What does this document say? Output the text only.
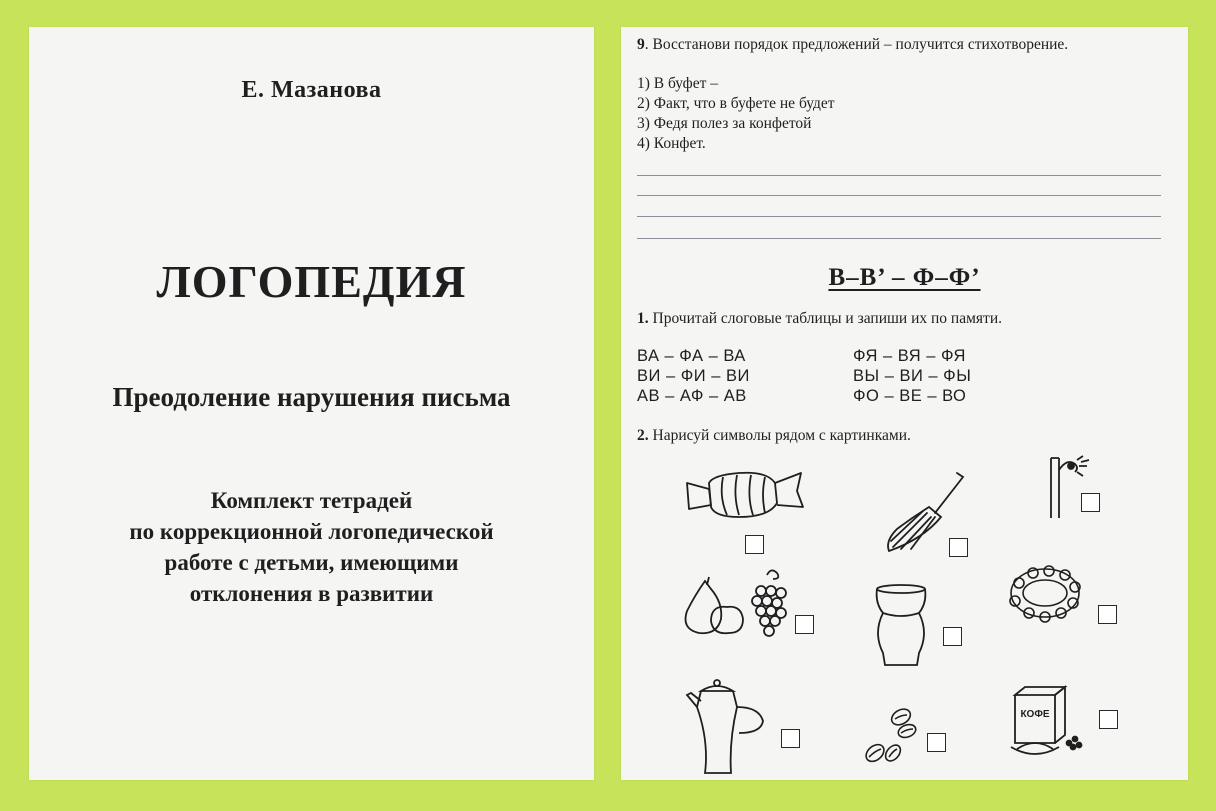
Е. Мазанова
ЛОГОПЕДИЯ
Преодоление нарушения письма
Комплект тетрадей
по коррекционной логопедической
работе с детьми, имеющими
отклонения в развитии
9. Восстанови порядок предложений – получится стихотворение.
1) В буфет –
2) Факт, что в буфете не будет
3) Федя полез за конфетой
4) Конфет.
В–В’ – Ф–Ф’
1. Прочитай слоговые таблицы и запиши их по памяти.
ВА – ФА – ВА
ВИ – ФИ – ВИ
АВ – АФ – АВ
ФЯ – ВЯ – ФЯ
ВЫ – ВИ – ФЫ
ФО – ВЕ – ВО
2. Нарисуй символы рядом с картинками.
КОФЕ
